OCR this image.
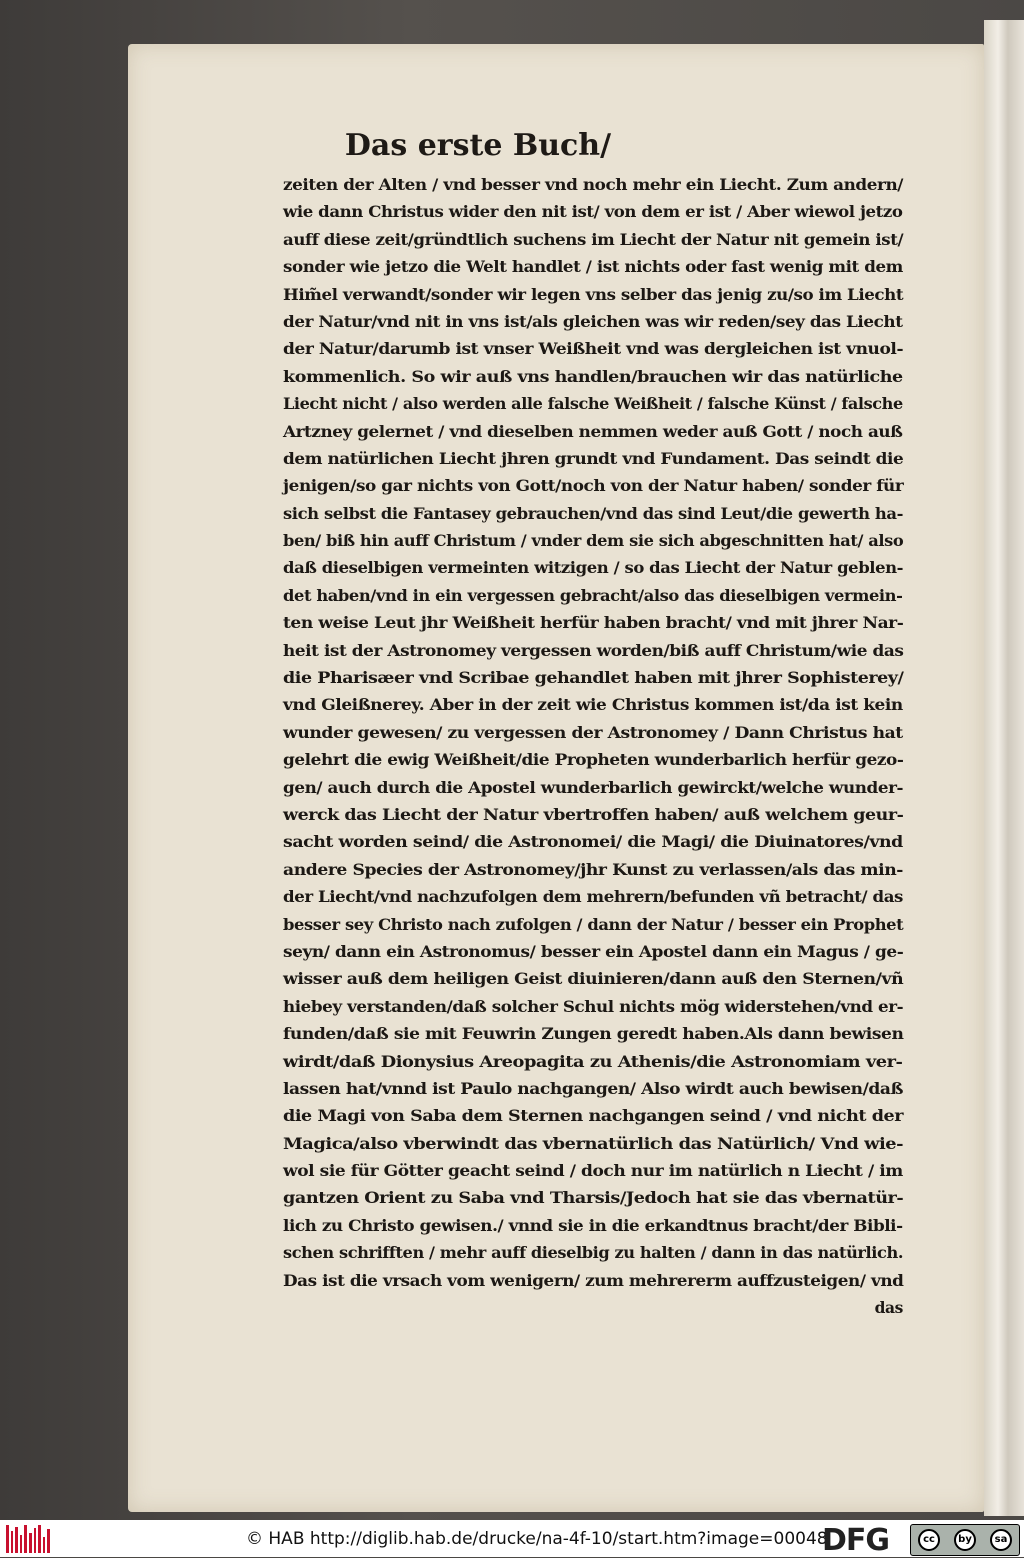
Das erste Buch/
zeiten der Alten / vnd besser vnd noch mehr ein Liecht. Zum andern/
wie dann Christus wider den nit ist/ von dem er ist / Aber wiewol jetzo
auff diese zeit/gründtlich suchens im Liecht der Natur nit gemein ist/
sonder wie jetzo die Welt handlet / ist nichts oder fast wenig mit dem
Him̃el verwandt/sonder wir legen vns selber das jenig zu/so im Liecht
der Natur/vnd nit in vns ist/als gleichen was wir reden/sey das Liecht
der Natur/darumb ist vnser Weißheit vnd was dergleichen ist vnuol-
kommenlich. So wir auß vns handlen/brauchen wir das natürliche
Liecht nicht / also werden alle falsche Weißheit / falsche Künst / falsche
Artzney gelernet / vnd dieselben nemmen weder auß Gott / noch auß
dem natürlichen Liecht jhren grundt vnd Fundament. Das seindt die
jenigen/so gar nichts von Gott/noch von der Natur haben/ sonder für
sich selbst die Fantasey gebrauchen/vnd das sind Leut/die gewerth ha-
ben/ biß hin auff Christum / vnder dem sie sich abgeschnitten hat/ also
daß dieselbigen vermeinten witzigen / so das Liecht der Natur geblen-
det haben/vnd in ein vergessen gebracht/also das dieselbigen vermein-
ten weise Leut jhr Weißheit herfür haben bracht/ vnd mit jhrer Nar-
heit ist der Astronomey vergessen worden/biß auff Christum/wie das
die Pharisæer vnd Scribae gehandlet haben mit jhrer Sophisterey/
vnd Gleißnerey. Aber in der zeit wie Christus kommen ist/da ist kein
wunder gewesen/ zu vergessen der Astronomey / Dann Christus hat
gelehrt die ewig Weißheit/die Propheten wunderbarlich herfür gezo-
gen/ auch durch die Apostel wunderbarlich gewirckt/welche wunder-
werck das Liecht der Natur vbertroffen haben/ auß welchem geur-
sacht worden seind/ die Astronomei/ die Magi/ die Diuinatores/vnd
andere Species der Astronomey/jhr Kunst zu verlassen/als das min-
der Liecht/vnd nachzufolgen dem mehrern/befunden vñ betracht/ das
besser sey Christo nach zufolgen / dann der Natur / besser ein Prophet
seyn/ dann ein Astronomus/ besser ein Apostel dann ein Magus / ge-
wisser auß dem heiligen Geist diuinieren/dann auß den Sternen/vñ
hiebey verstanden/daß solcher Schul nichts mög widerstehen/vnd er-
funden/daß sie mit Feuwrin Zungen geredt haben.Als dann bewisen
wirdt/daß Dionysius Areopagita zu Athenis/die Astronomiam ver-
lassen hat/vnnd ist Paulo nachgangen/ Also wirdt auch bewisen/daß
die Magi von Saba dem Sternen nachgangen seind / vnd nicht der
Magica/also vberwindt das vbernatürlich das Natürlich/ Vnd wie-
wol sie für Götter geacht seind / doch nur im natürlich n Liecht / im
gantzen Orient zu Saba vnd Tharsis/Jedoch hat sie das vbernatür-
lich zu Christo gewisen./ vnnd sie in die erkandtnus bracht/der Bibli-
schen schrifften / mehr auff dieselbig zu halten / dann in das natürlich.
Das ist die vrsach vom wenigern/ zum mehrererm auffzusteigen/ vnd
das
© HAB http://diglib.hab.de/drucke/na-4f-10/start.htm?image=00048
DFG	cc	by	sa
